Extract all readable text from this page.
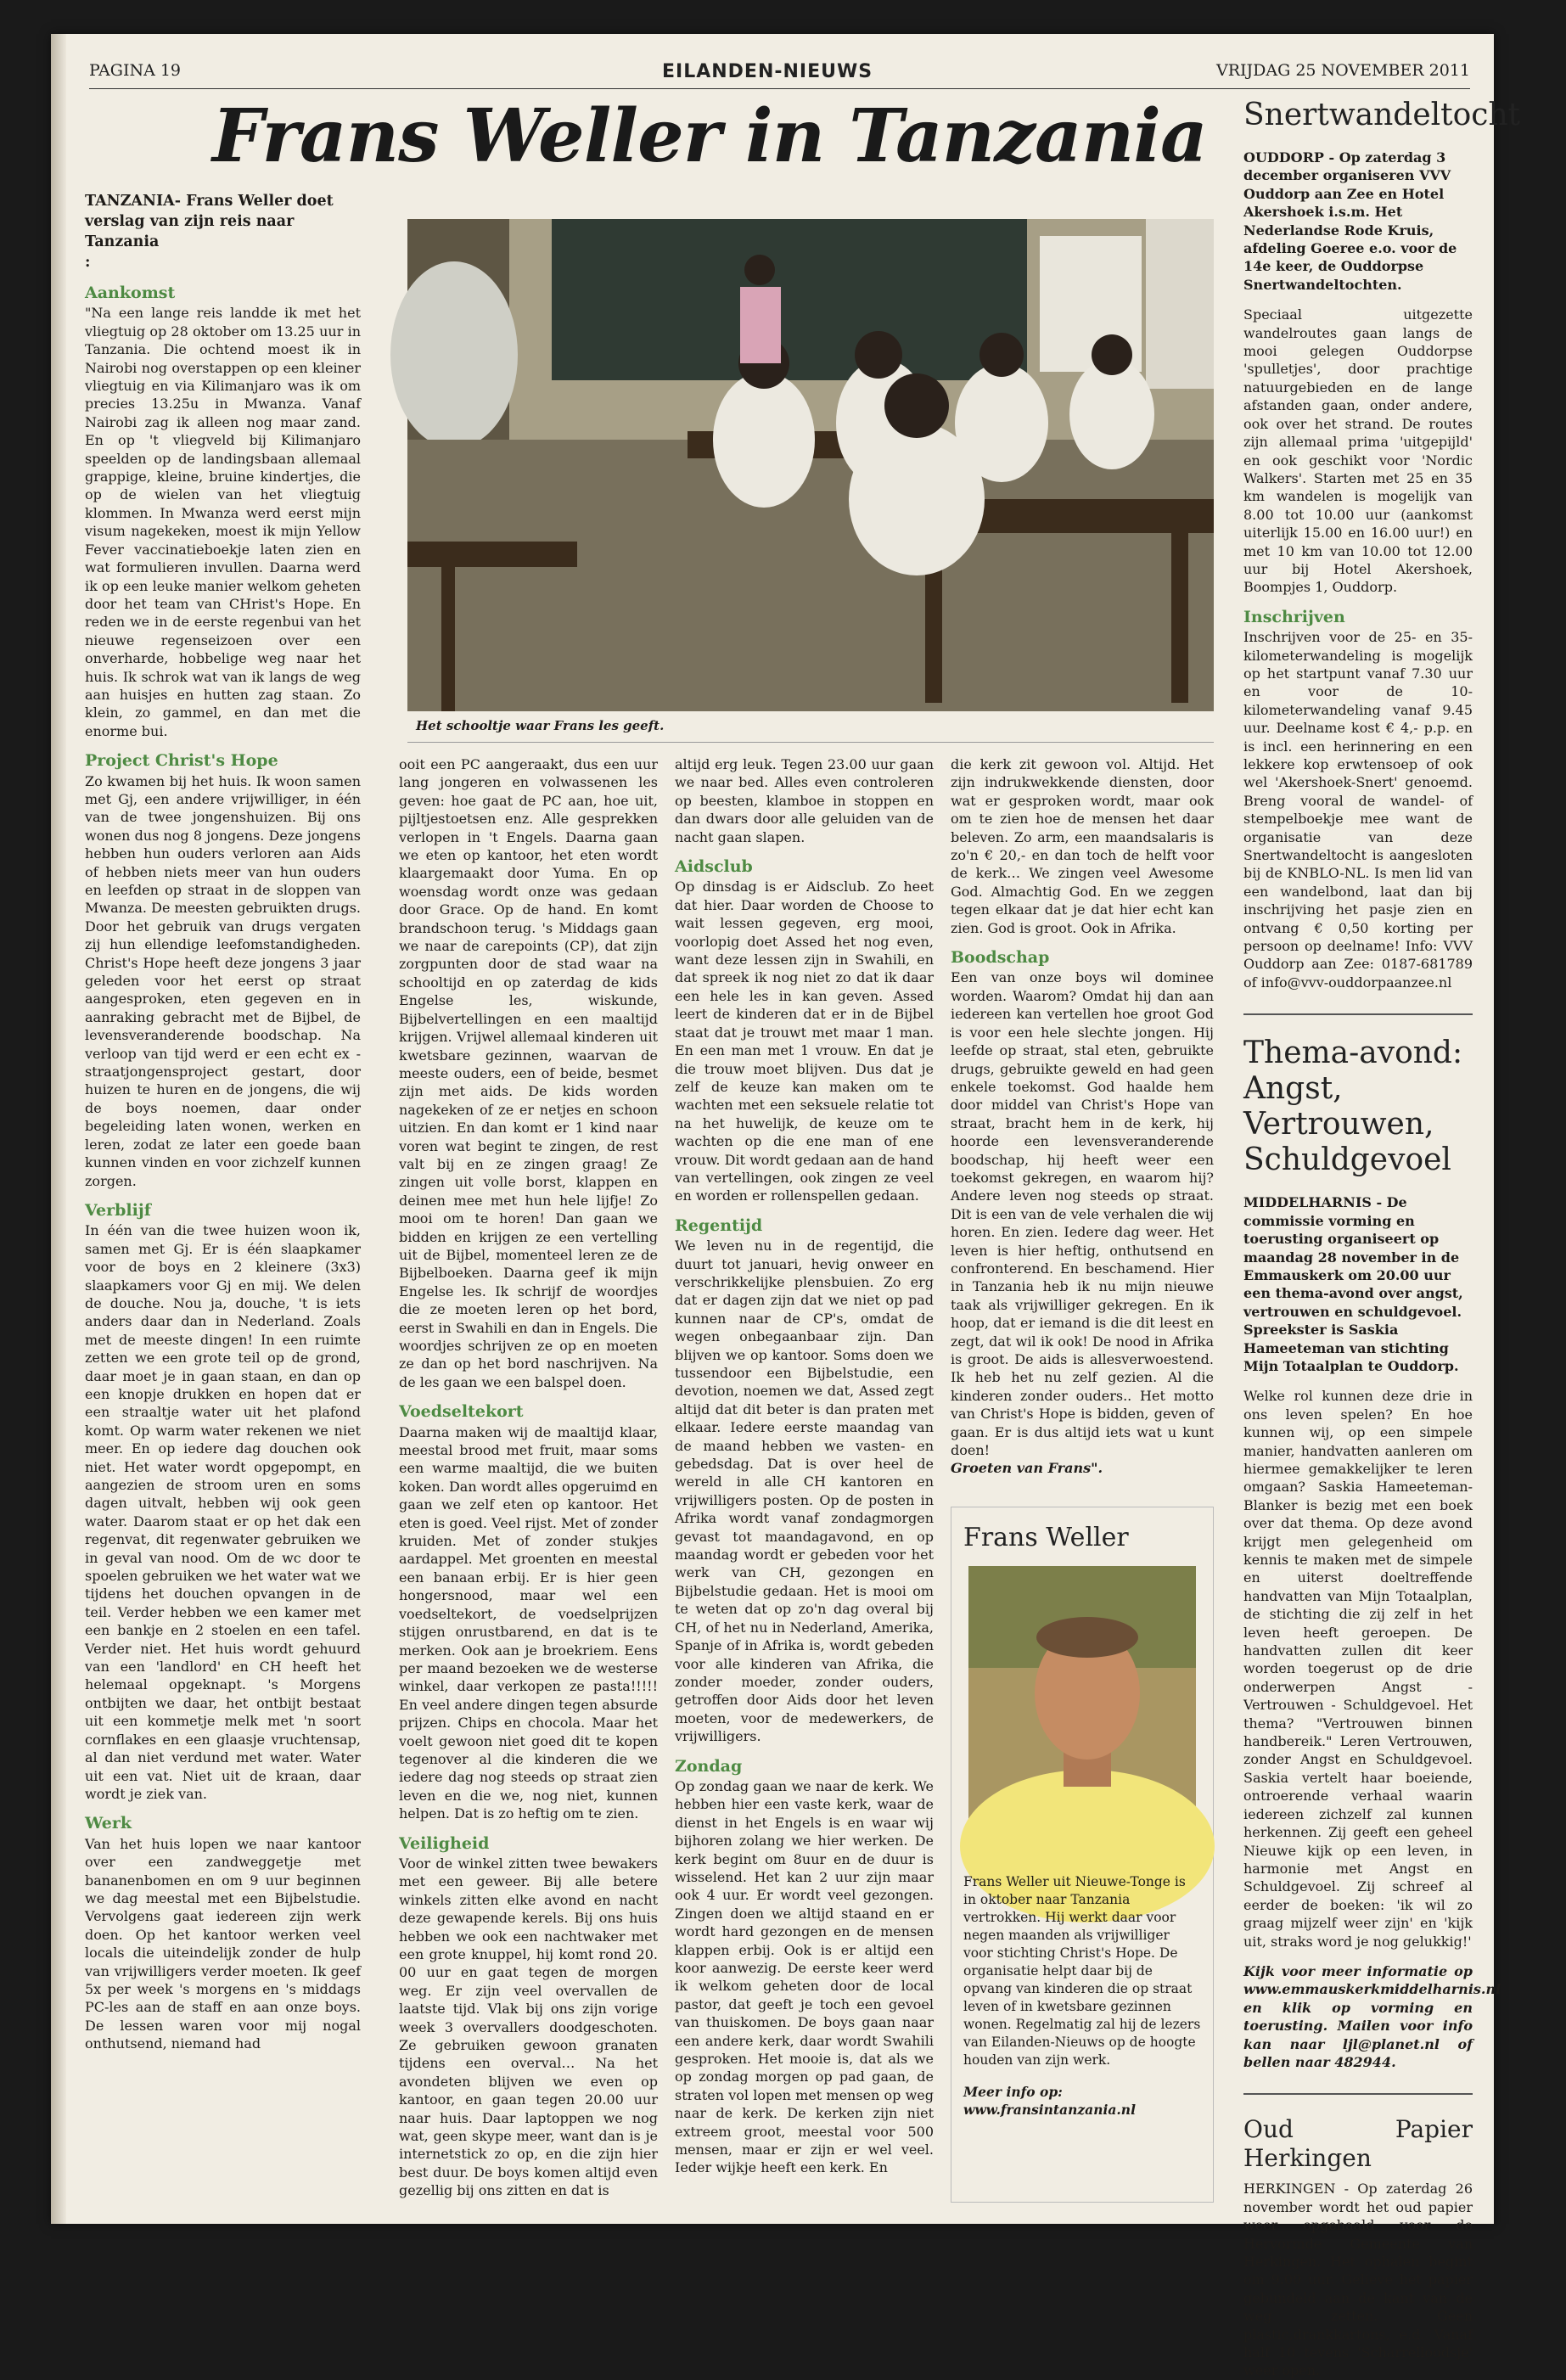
PAGINA 19	EILANDEN-NIEUWS	VRIJDAG 25 NOVEMBER 2011
Frans Weller in Tanzania

TANZANIA- Frans Weller doet verslag van zijn reis naar Tanzania

:

Aankomst

"Na een lange reis landde ik met het vliegtuig op 28 oktober om 13.25 uur in Tanzania. Die ochtend moest ik in Nairobi nog overstappen op een kleiner vliegtuig en via Kilimanjaro was ik om precies 13.25u in Mwanza. Vanaf Nairobi zag ik alleen nog maar zand. En op 't vliegveld bij Kilimanjaro speelden op de landingsbaan allemaal grappige, kleine, bruine kindertjes, die op de wielen van het vliegtuig klommen. In Mwanza werd eerst mijn visum nagekeken, moest ik mijn Yellow Fever vaccinatieboekje laten zien en wat formulieren invullen. Daarna werd ik op een leuke manier welkom geheten door het team van CHrist's Hope. En reden we in de eerste regenbui van het nieuwe regenseizoen over een onverharde, hobbelige weg naar het huis. Ik schrok wat van ik langs de weg aan huisjes en hutten zag staan. Zo klein, zo gammel, en dan met die enorme bui.

Project Christ's Hope

Zo kwamen bij het huis. Ik woon samen met Gj, een andere vrijwilliger, in één van de twee jongenshuizen. Bij ons wonen dus nog 8 jongens. Deze jongens hebben hun ouders verloren aan Aids of hebben niets meer van hun ouders en leefden op straat in de sloppen van Mwanza. De meesten gebruikten drugs. Door het gebruik van drugs vergaten zij hun ellendige leefomstandigheden. Christ's Hope heeft deze jongens 3 jaar geleden voor het eerst op straat aangesproken, eten gegeven en in aanraking gebracht met de Bijbel, de levensveranderende boodschap. Na verloop van tijd werd er een echt ex -straatjongensproject gestart, door huizen te huren en de jongens, die wij de boys noemen, daar onder begeleiding laten wonen, werken en leren, zodat ze later een goede baan kunnen vinden en voor zichzelf kunnen zorgen.

Verblijf

In één van die twee huizen woon ik, samen met Gj. Er is één slaapkamer voor de boys en 2 kleinere (3x3) slaapkamers voor Gj en mij. We delen de douche. Nou ja, douche, 't is iets anders daar dan in Nederland. Zoals met de meeste dingen! In een ruimte zetten we een grote teil op de grond, daar moet je in gaan staan, en dan op een knopje drukken en hopen dat er een straaltje water uit het plafond komt. Op warm water rekenen we niet meer. En op iedere dag douchen ook niet. Het water wordt opgepompt, en aangezien de stroom uren en soms dagen uitvalt, hebben wij ook geen water. Daarom staat er op het dak een regenvat, dit regenwater gebruiken we in geval van nood. Om de wc door te spoelen gebruiken we het water wat we tijdens het douchen opvangen in de teil. Verder hebben we een kamer met een bankje en 2 stoelen en een tafel. Verder niet. Het huis wordt gehuurd van een 'landlord' en CH heeft het helemaal opgeknapt. 's Morgens ontbijten we daar, het ontbijt bestaat uit een kommetje melk met 'n soort cornflakes en een glaasje vruchtensap, al dan niet verdund met water. Water uit een vat. Niet uit de kraan, daar wordt je ziek van.

Werk

Van het huis lopen we naar kantoor over een zandweggetje met bananenbomen en om 9 uur beginnen we dag meestal met een Bijbelstudie. Vervolgens gaat iedereen zijn werk doen. Op het kantoor werken veel locals die uiteindelijk zonder de hulp van vrijwilligers verder moeten. Ik geef 5x per week 's morgens en 's middags PC-les aan de staff en aan onze boys. De lessen waren voor mij nogal onthutsend, niemand had

Het schooltje waar Frans les geeft.

ooit een PC aangeraakt, dus een uur lang jongeren en volwassenen les geven: hoe gaat de PC aan, hoe uit, pijltjestoetsen enz. Alle gesprekken verlopen in 't Engels. Daarna gaan we eten op kantoor, het eten wordt klaargemaakt door Yuma. En op woensdag wordt onze was gedaan door Grace. Op de hand. En komt brandschoon terug. 's Middags gaan we naar de carepoints (CP), dat zijn zorgpunten door de stad waar na schooltijd en op zaterdag de kids Engelse les, wiskunde, Bijbelvertellingen en een maaltijd krijgen. Vrijwel allemaal kinderen uit kwetsbare gezinnen, waarvan de meeste ouders, een of beide, besmet zijn met aids. De kids worden nagekeken of ze er netjes en schoon uitzien. En dan komt er 1 kind naar voren wat begint te zingen, de rest valt bij en ze zingen graag! Ze zingen uit volle borst, klappen en deinen mee met hun hele lijfje! Zo mooi om te horen! Dan gaan we bidden en krijgen ze een vertelling uit de Bijbel, momenteel leren ze de Bijbelboeken. Daarna geef ik mijn Engelse les. Ik schrijf de woordjes die ze moeten leren op het bord, eerst in Swahili en dan in Engels. Die woordjes schrijven ze op en moeten ze dan op het bord naschrijven. Na de les gaan we een balspel doen.

Voedseltekort

Daarna maken wij de maaltijd klaar, meestal brood met fruit, maar soms een warme maaltijd, die we buiten koken. Dan wordt alles opgeruimd en gaan we zelf eten op kantoor. Het eten is goed. Veel rijst. Met of zonder kruiden. Met of zonder stukjes aardappel. Met groenten en meestal een banaan erbij. Er is hier geen hongersnood, maar wel een voedseltekort, de voedselprijzen stijgen onrustbarend, en dat is te merken. Ook aan je broekriem. Eens per maand bezoeken we de westerse winkel, daar verkopen ze pasta!!!!! En veel andere dingen tegen absurde prijzen. Chips en chocola. Maar het voelt gewoon niet goed dit te kopen tegenover al die kinderen die we iedere dag nog steeds op straat zien leven en die we, nog niet, kunnen helpen. Dat is zo heftig om te zien.

Veiligheid

Voor de winkel zitten twee bewakers met een geweer. Bij alle betere winkels zitten elke avond en nacht deze gewapende kerels. Bij ons huis hebben we ook een nachtwaker met een grote knuppel, hij komt rond 20. 00 uur en gaat tegen de morgen weg. Er zijn veel overvallen de laatste tijd. Vlak bij ons zijn vorige week 3 overvallers doodgeschoten. Ze gebruiken gewoon granaten tijdens een overval… Na het avondeten blijven we even op kantoor, en gaan tegen 20.00 uur naar huis. Daar laptoppen we nog wat, geen skype meer, want dan is je internetstick zo op, en die zijn hier best duur. De boys komen altijd even gezellig bij ons zitten en dat is

altijd erg leuk. Tegen 23.00 uur gaan we naar bed. Alles even controleren op beesten, klamboe in stoppen en dan dwars door alle geluiden van de nacht gaan slapen.

Aidsclub

Op dinsdag is er Aidsclub. Zo heet dat hier. Daar worden de Choose to wait lessen gegeven, erg mooi, voorlopig doet Assed het nog even, want deze lessen zijn in Swahili, en dat spreek ik nog niet zo dat ik daar een hele les in kan geven. Assed leert de kinderen dat er in de Bijbel staat dat je trouwt met maar 1 man. En een man met 1 vrouw. En dat je die trouw moet blijven. Dus dat je zelf de keuze kan maken om te wachten met een seksuele relatie tot na het huwelijk, de keuze om te wachten op die ene man of ene vrouw. Dit wordt gedaan aan de hand van vertellingen, ook zingen ze veel en worden er rollenspellen gedaan.

Regentijd

We leven nu in de regentijd, die duurt tot januari, hevig onweer en verschrikkelijke plensbuien. Zo erg dat er dagen zijn dat we niet op pad kunnen naar de CP's, omdat de wegen onbegaanbaar zijn. Dan blijven we op kantoor. Soms doen we tussendoor een Bijbelstudie, een devotion, noemen we dat, Assed zegt altijd dat dit beter is dan praten met elkaar. Iedere eerste maandag van de maand hebben we vasten- en gebedsdag. Dat is over heel de wereld in alle CH kantoren en vrijwilligers posten. Op de posten in Afrika wordt vanaf zondagmorgen gevast tot maandagavond, en op maandag wordt er gebeden voor het werk van CH, gezongen en Bijbelstudie gedaan. Het is mooi om te weten dat op zo'n dag overal bij CH, of het nu in Nederland, Amerika, Spanje of in Afrika is, wordt gebeden voor alle kinderen van Afrika, die zonder moeder, zonder ouders, getroffen door Aids door het leven moeten, voor de medewerkers, de vrijwilligers.

Zondag

Op zondag gaan we naar de kerk. We hebben hier een vaste kerk, waar de dienst in het Engels is en waar wij bijhoren zolang we hier werken. De kerk begint om 8uur en de duur is wisselend. Het kan 2 uur zijn maar ook 4 uur. Er wordt veel gezongen. Zingen doen we altijd staand en er wordt hard gezongen en de mensen klappen erbij. Ook is er altijd een koor aanwezig. De eerste keer werd ik welkom geheten door de local pastor, dat geeft je toch een gevoel van thuiskomen. De boys gaan naar een andere kerk, daar wordt Swahili gesproken. Het mooie is, dat als we op zondag morgen op pad gaan, de straten vol lopen met mensen op weg naar de kerk. De kerken zijn niet extreem groot, meestal voor 500 mensen, maar er zijn er wel veel. Ieder wijkje heeft een kerk. En

die kerk zit gewoon vol. Altijd. Het zijn indrukwekkende diensten, door wat er gesproken wordt, maar ook om te zien hoe de mensen het daar beleven. Zo arm, een maandsalaris is zo'n € 20,- en dan toch de helft voor de kerk… We zingen veel Awesome God. Almachtig God. En we zeggen tegen elkaar dat je dat hier echt kan zien. God is groot. Ook in Afrika.

Boodschap

Een van onze boys wil dominee worden. Waarom? Omdat hij dan aan iedereen kan vertellen hoe groot God is voor een hele slechte jongen. Hij leefde op straat, stal eten, gebruikte drugs, gebruikte geweld en had geen enkele toekomst. God haalde hem door middel van Christ's Hope van straat, bracht hem in de kerk, hij hoorde een levensveranderende boodschap, hij heeft weer een toekomst gekregen, en waarom hij? Andere leven nog steeds op straat. Dit is een van de vele verhalen die wij horen. En zien. Iedere dag weer. Het leven is hier heftig, onthutsend en confronterend. En beschamend. Hier in Tanzania heb ik nu mijn nieuwe taak als vrijwilliger gekregen. En ik hoop, dat er iemand is die dit leest en zegt, dat wil ik ook! De nood in Afrika is groot. De aids is allesverwoestend. Ik heb het nu zelf gezien. Al die kinderen zonder ouders.. Het motto van Christ's Hope is bidden, geven of gaan. Er is dus altijd iets wat u kunt doen!

Groeten van Frans".

Frans Weller

Frans Weller uit Nieuwe-Tonge is in oktober naar Tanzania vertrokken. Hij werkt daar voor negen maanden als vrijwilliger voor stichting Christ's Hope. De organisatie helpt daar bij de opvang van kinderen die op straat leven of in kwetsbare gezinnen wonen. Regelmatig zal hij de lezers van Eilanden-Nieuws op de hoogte houden van zijn werk.

Meer info op: www.fransintanzania.nl

Snertwandeltocht

OUDDORP - Op zaterdag 3 december organiseren VVV Ouddorp aan Zee en Hotel Akershoek i.s.m. Het Nederlandse Rode Kruis, afdeling Goeree e.o. voor de 14e keer, de Ouddorpse Snertwandeltochten.

Speciaal uitgezette wandelroutes gaan langs de mooi gelegen Ouddorpse 'spulletjes', door prachtige natuurgebieden en de lange afstanden gaan, onder andere, ook over het strand. De routes zijn allemaal prima 'uitgepijld' en ook geschikt voor 'Nordic Walkers'. Starten met 25 en 35 km wandelen is mogelijk van 8.00 tot 10.00 uur (aankomst uiterlijk 15.00 en 16.00 uur!) en met 10 km van 10.00 tot 12.00 uur bij Hotel Akershoek, Boompjes 1, Ouddorp.

Inschrijven

Inschrijven voor de 25- en 35- kilometerwandeling is mogelijk op het startpunt vanaf 7.30 uur en voor de 10-kilometerwandeling vanaf 9.45 uur. Deelname kost € 4,- p.p. en is incl. een herinnering en een lekkere kop erwtensoep of ook wel 'Akershoek-Snert' genoemd. Breng vooral de wandel- of stempelboekje mee want de organisatie van deze Snertwandeltocht is aangesloten bij de KNBLO-NL. Is men lid van een wandelbond, laat dan bij inschrijving het pasje zien en ontvang € 0,50 korting per persoon op deelname! Info: VVV Ouddorp aan Zee: 0187-681789 of info@vvv-ouddorpaanzee.nl

Thema-avond: Angst, Vertrouwen, Schuldgevoel

MIDDELHARNIS - De commissie vorming en toerusting organiseert op maandag 28 november in de Emmauskerk om 20.00 uur een thema-avond over angst, vertrouwen en schuldgevoel. Spreekster is Saskia Hameeteman van stichting Mijn Totaalplan te Ouddorp.

Welke rol kunnen deze drie in ons leven spelen? En hoe kunnen wij, op een simpele manier, handvatten aanleren om hiermee gemakkelijker te leren omgaan? Saskia Hameeteman-Blanker is bezig met een boek over dat thema. Op deze avond krijgt men gelegenheid om kennis te maken met de simpele en uiterst doeltreffende handvatten van Mijn Totaalplan, de stichting die zij zelf in het leven heeft geroepen. De handvatten zullen dit keer worden toegerust op de drie onderwerpen Angst - Vertrouwen - Schuldgevoel. Het thema? "Vertrouwen binnen handbereik." Leren Vertrouwen, zonder Angst en Schuldgevoel. Saskia vertelt haar boeiende, ontroerende verhaal waarin iedereen zichzelf zal kunnen herkennen. Zij geeft een geheel Nieuwe kijk op een leven, in harmonie met Angst en Schuldgevoel. Zij schreef al eerder de boeken: 'ik wil zo graag mijzelf weer zijn' en 'kijk uit, straks word je nog gelukkig!'

Kijk voor meer informatie op www.emmauskerkmiddelharnis.nl en klik op vorming en toerusting. Mailen voor info kan naar ljl@planet.nl of bellen naar 482944.

Oud Papier Herkingen

HERKINGEN - Op zaterdag 26 november wordt het oud papier weer opgehaald voor de Hervormde Gemeente van Herkingen. Het ophalen begint om 9.00 uur. Gelieve het papier gebundeld aan de kant van de weg zetten. Geen plastic,drankkartons, e.d. Vanaf half 10 tevens 'Scharrelloodsje' weer open.
